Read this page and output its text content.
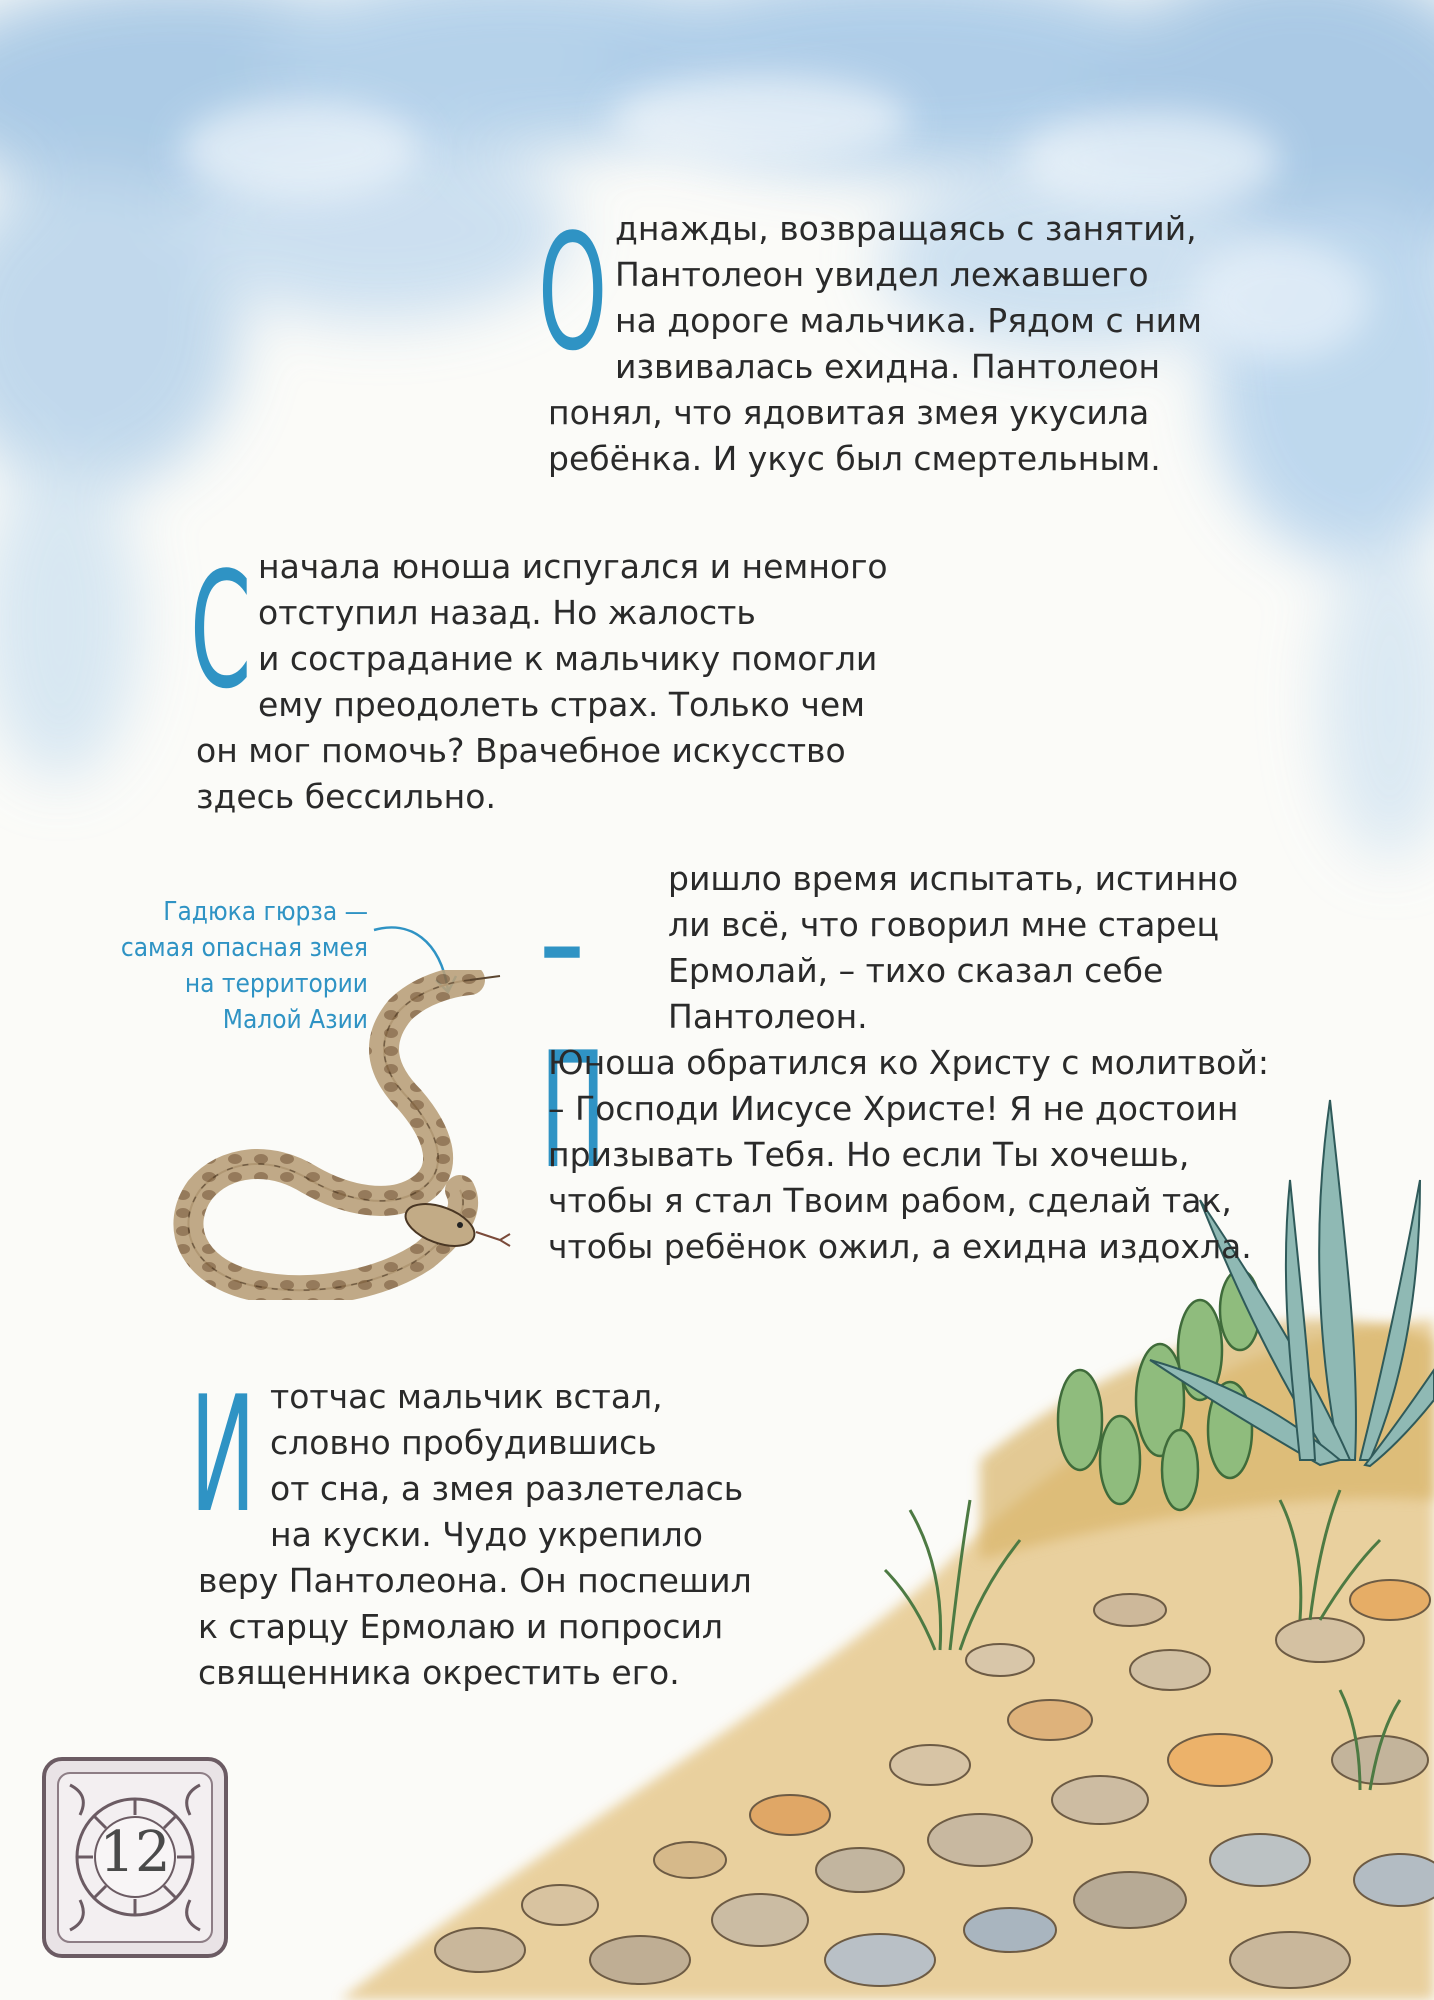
О днажды, возвращаясь с занятий,
Пантолеон увидел лежавшего
на дороге мальчика. Рядом с ним
извивалась ехидна. Пантолеон
понял, что ядовитая змея укусила
ребёнка. И укус был смертельным.
С начала юноша испугался и немного
отступил назад. Но жалость
и сострадание к мальчику помогли
ему преодолеть страх. Только чем
он мог помочь? Врачебное искусство
здесь бессильно.
– П
ришло время испытать, истинно
ли всё, что говорил мне старец
Ермолай, – тихо сказал себе
Пантолеон.
Юноша обратился ко Христу с молитвой:
– Господи Иисусе Христе! Я не достоин
призывать Тебя. Но если Ты хочешь,
чтобы я стал Твоим рабом, сделай так,
чтобы ребёнок ожил, а ехидна издохла.
И тотчас мальчик встал,
словно пробудившись
от сна, а змея разлетелась
на куски. Чудо укрепило
веру Пантолеона. Он поспешил
к старцу Ермолаю и попросил
священника окрестить его.
Гадюка гюрза —
самая опасная змея
на территории
Малой Азии
12
